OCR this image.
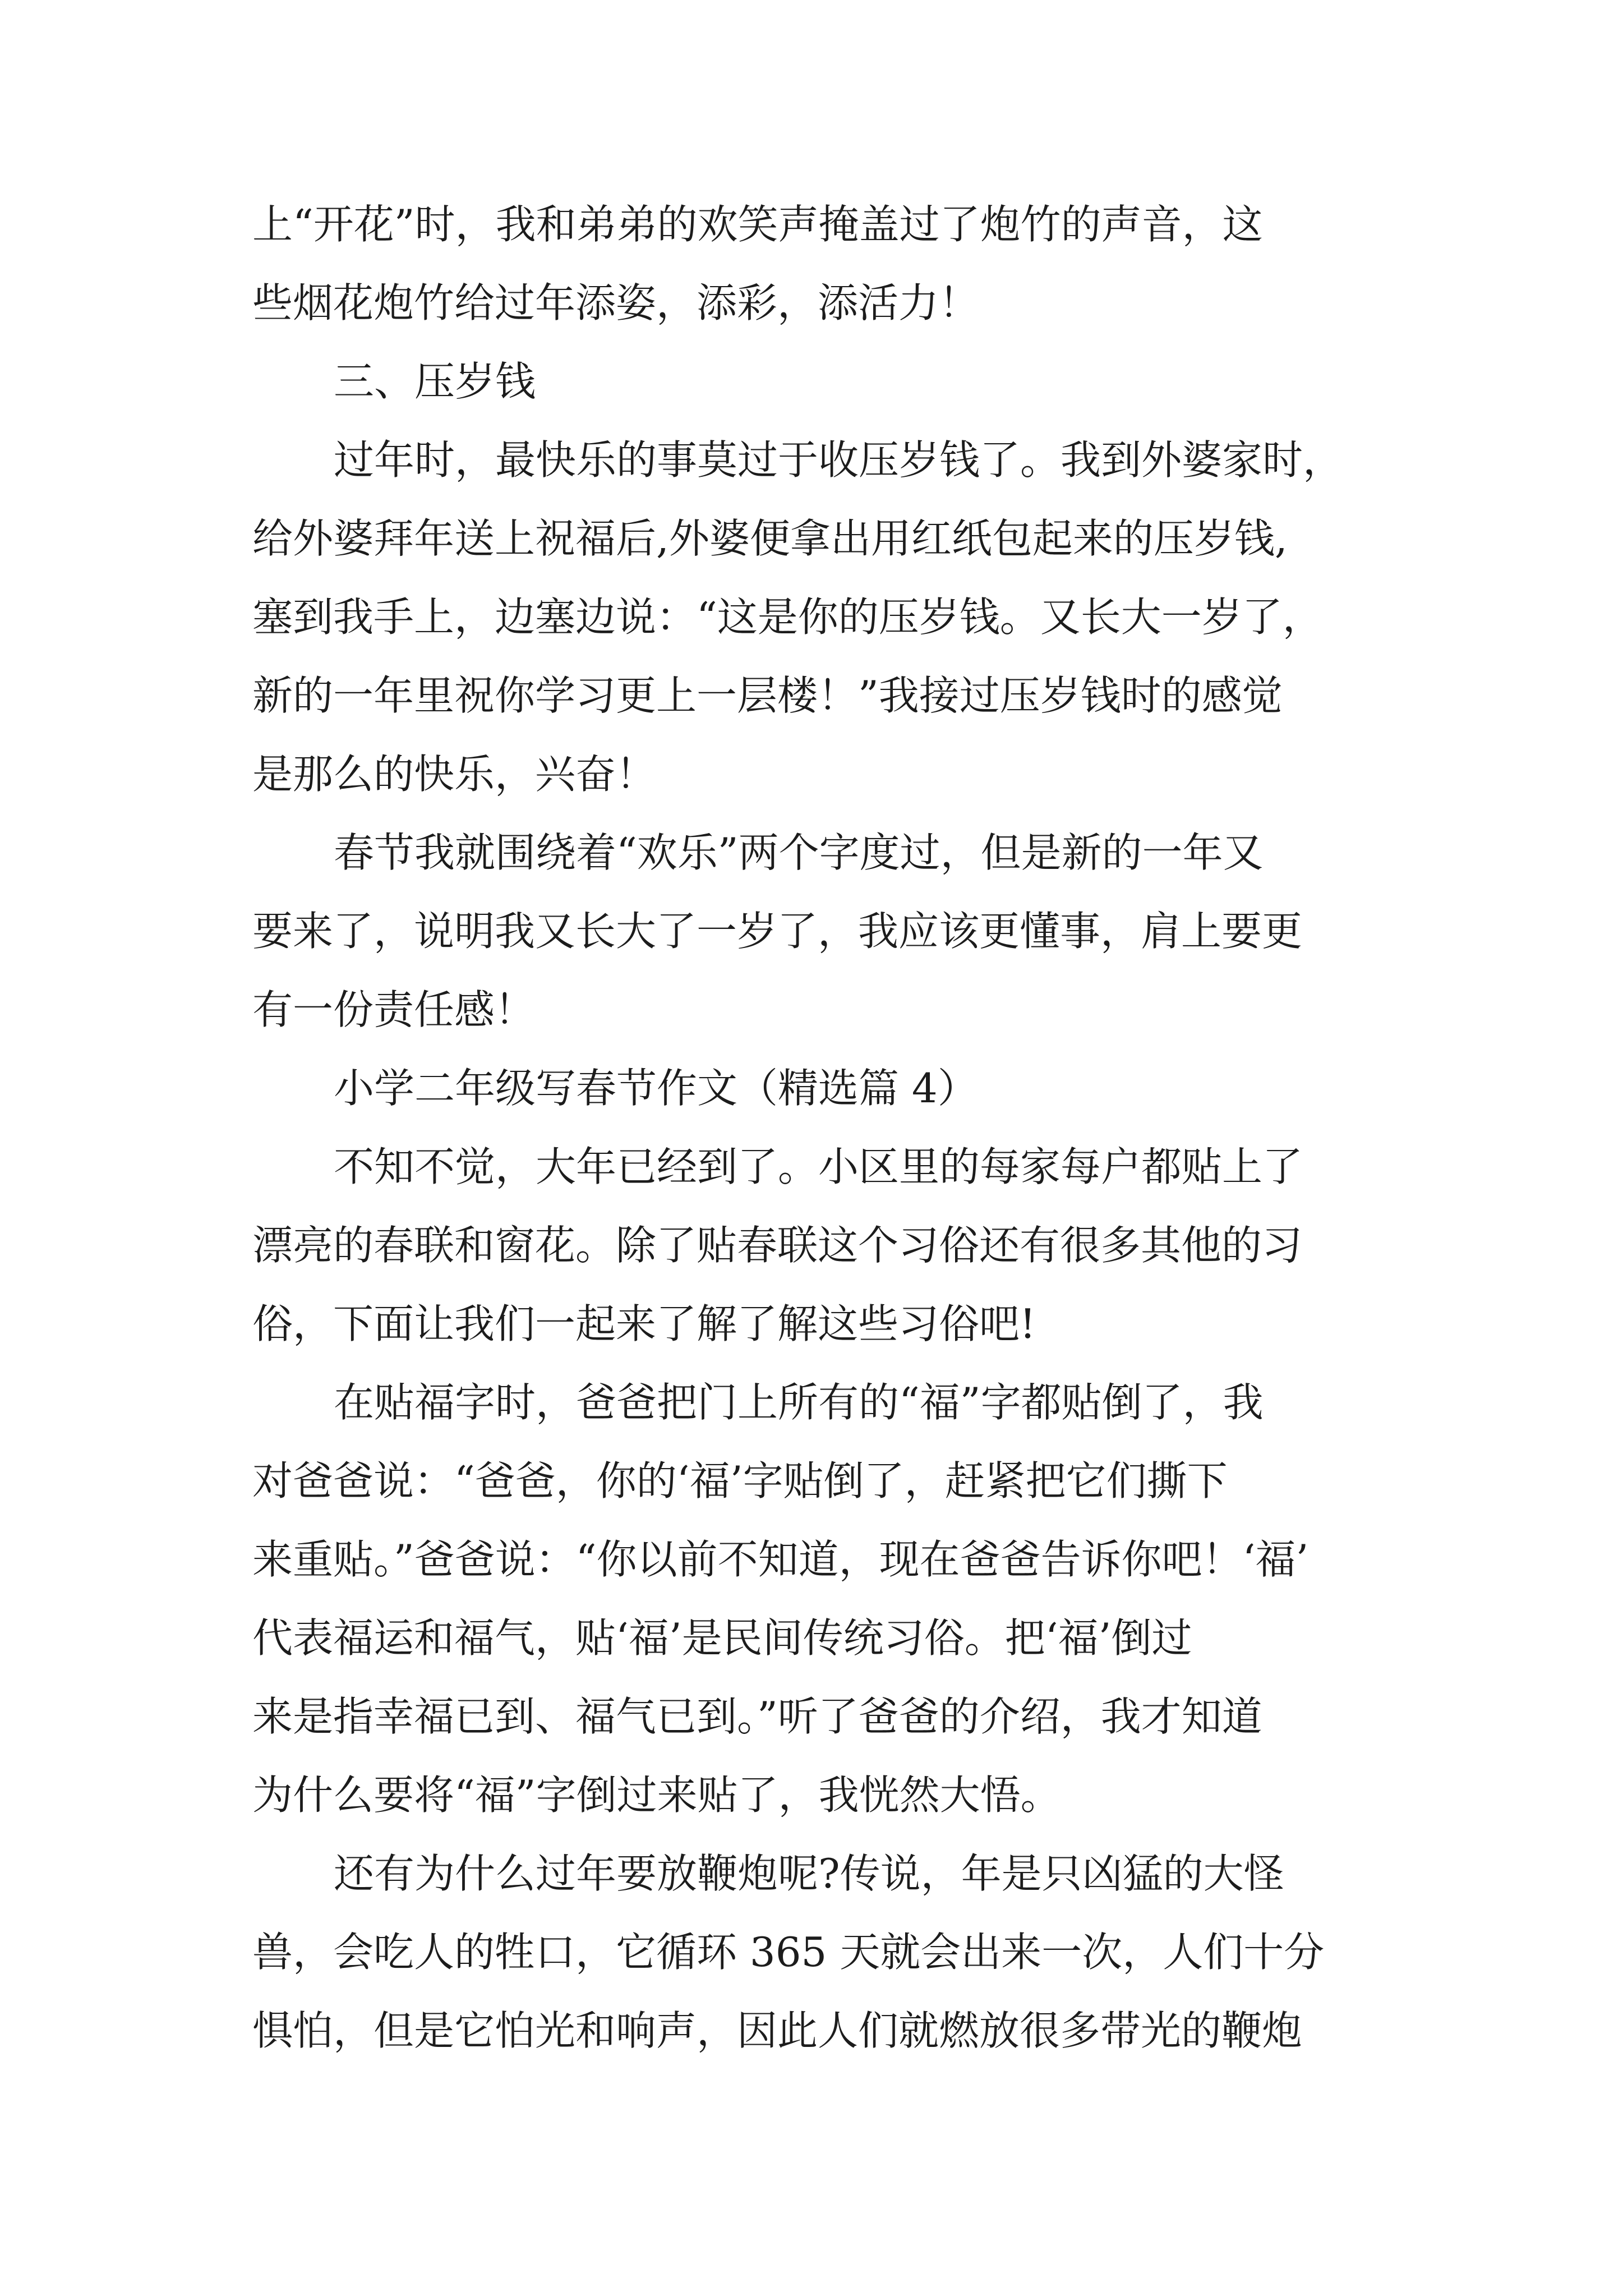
上“开花”时，我和弟弟的欢笑声掩盖过了炮竹的声音，这
些烟花炮竹给过年添姿，添彩，添活力！
三、压岁钱
过年时，最快乐的事莫过于收压岁钱了。我到外婆家时，
给外婆拜年送上祝福后,外婆便拿出用红纸包起来的压岁钱,
塞到我手上，边塞边说：“这是你的压岁钱。又长大一岁了，
新的一年里祝你学习更上一层楼！”我接过压岁钱时的感觉
是那么的快乐，兴奋！
春节我就围绕着“欢乐”两个字度过，但是新的一年又
要来了，说明我又长大了一岁了，我应该更懂事，肩上要更
有一份责任感！
小学二年级写春节作文（精选篇 4）
不知不觉，大年已经到了。小区里的每家每户都贴上了
漂亮的春联和窗花。除了贴春联这个习俗还有很多其他的习
俗，下面让我们一起来了解了解这些习俗吧!
在贴福字时，爸爸把门上所有的“福”字都贴倒了，我
对爸爸说：“爸爸，你的‘福’字贴倒了，赶紧把它们撕下
来重贴。”爸爸说：“你以前不知道，现在爸爸告诉你吧！‘福’
代表福运和福气，贴‘福’是民间传统习俗。把‘福’倒过
来是指幸福已到、福气已到。”听了爸爸的介绍，我才知道
为什么要将“福”字倒过来贴了，我恍然大悟。
还有为什么过年要放鞭炮呢?传说，年是只凶猛的大怪
兽，会吃人的牲口，它循环 365 天就会出来一次，人们十分
惧怕，但是它怕光和响声，因此人们就燃放很多带光的鞭炮
